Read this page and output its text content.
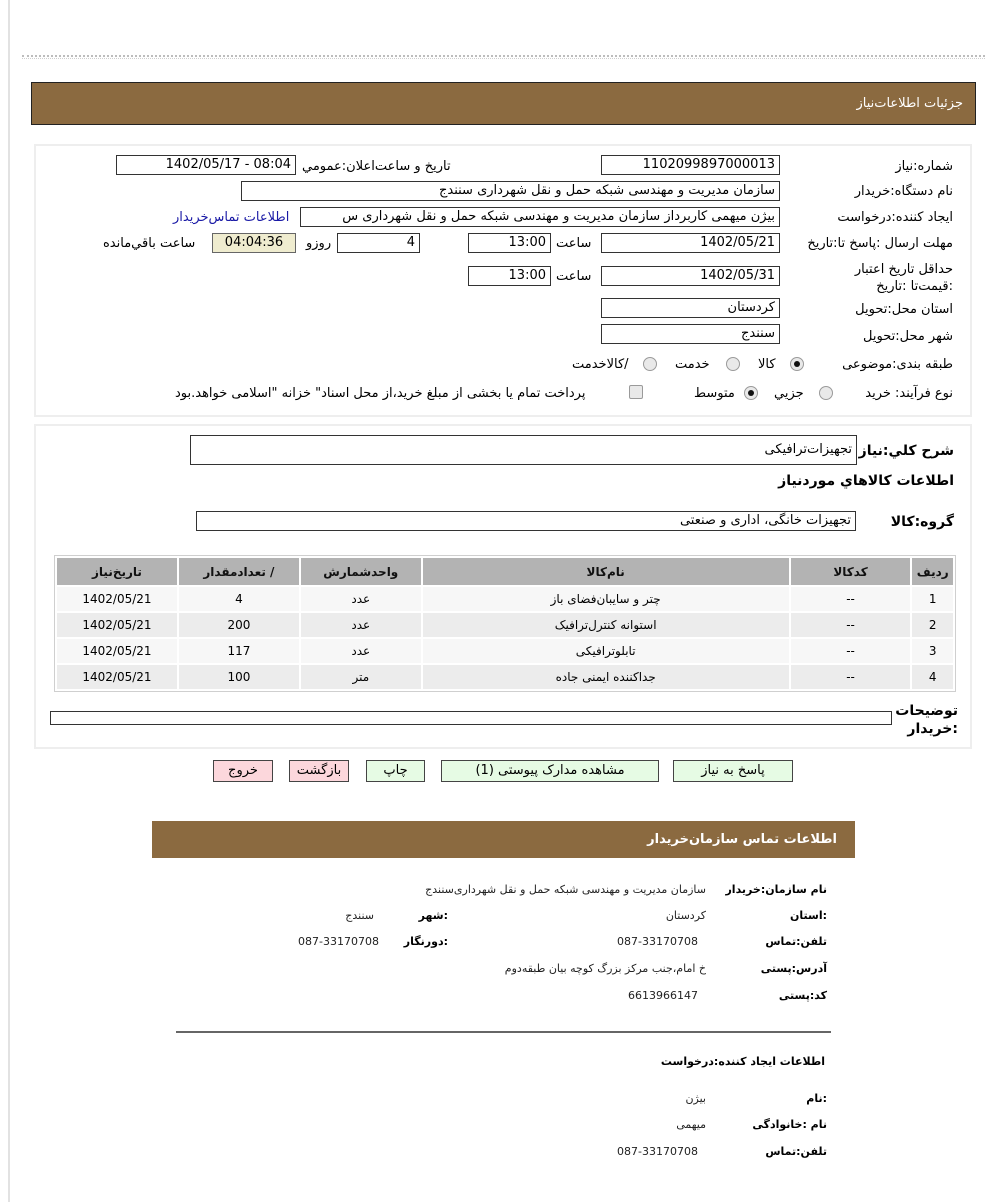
جزئیات اطلاعات‌نیاز
شماره‌:نیاز
1102099897000013
تاریخ و ساعت‌اعلان:عمومي
1402/05/17 - 08:04
نام دستگاه:خریدار
سازمان مدیریت و مهندسی شبکه حمل و نقل شهرداری سنندج
ایجاد کننده:درخواست
بیژن میهمی کاربرداز سازمان مدیریت و مهندسی شبکه حمل و نقل شهرداری س
اطلاعات تماس‌خریدار
مهلت ارسال :پاسخ تا:تاریخ
1402/05/21
ساعت
13:00
4
روزو
04:04:36
ساعت باقي‌مانده
حداقل تاریخ اعتبار :قیمت‌تا :تاریخ
1402/05/31
ساعت
13:00
استان محل:تحویل
کردستان
شهر محل:تحویل
سنندج
طبقه بندی:موضوعی
کالا
خدمت
/کالاخدمت
نوع فرآیند: خرید
جزيي
متوسط
پرداخت تمام یا بخشی از مبلغ خرید،از محل اسناد" خزانه "اسلامی خواهد.بود
شرح کلي:نیاز
تجهیزات‌ترافیکی
اطلاعات کالاهاي موردنیاز
گروه:کالا
تجهیزات خانگی، اداری و صنعتی
ردیف	کدکالا	نام‌کالا	واحدشمارش	/ تعدادمقدار	تاریخ‌نیاز
1	--	چتر و سایبان‌فضای باز	عدد	4	1402/05/21
2	--	استوانه کنترل‌ترافیک	عدد	200	1402/05/21
3	--	تابلوترافیکی	عدد	117	1402/05/21
4	--	جداکننده ایمنی جاده	متر	100	1402/05/21
توضیحات :خریدار
پاسخ به نیاز
مشاهده مدارک پیوستی (1)
چاپ
بازگشت
خروج
اطلاعات تماس سازمان‌خریدار
نام سازمان:خریدار
سازمان مدیریت و مهندسی شبکه حمل و نقل شهرداری‌سنندج
:استان
کردستان
:شهر
سنندج
تلفن:تماس
087-33170708
:دورنگار
087-33170708
آدرس:پستی
خ امام،جنب مرکز بزرگ کوچه بیان طبقه‌دوم
کد:پستی
6613966147
اطلاعات ایجاد کننده:درخواست
:نام
بیژن
نام :خانوادگی
میهمی
تلفن:تماس
087-33170708
